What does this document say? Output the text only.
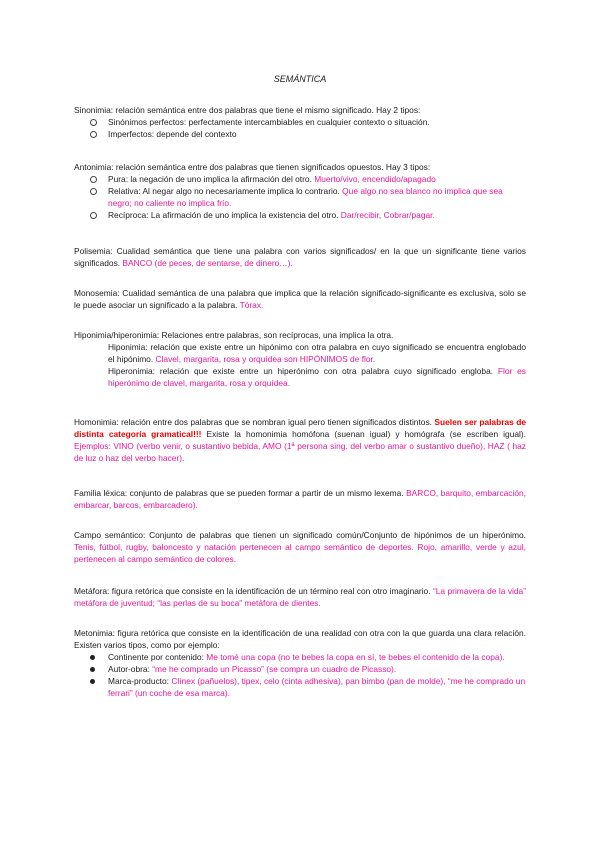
SEMÁNTICA

Sinonimia: relación semántica entre dos palabras que tiene el mismo significado. Hay 2 tipos:

Sinónimos perfectos: perfectamente intercambiables en cualquier contexto o situación.
Imperfectos: depende del contexto

Antonimia: relación semántica entre dos palabras que tienen significados opuestos. Hay 3 tipos:

Pura: la negación de uno implica la afirmación del otro. Muerto/vivo, encendido/apagado
Relativa: Al negar algo no necesariamente implica lo contrario. Que algo no sea blanco no implica que sea negro; no caliente no implica frío.
Recíproca: La afirmación de uno implica la existencia del otro. Dar/recibir, Cobrar/pagar.

Polisemia: Cualidad semántica que tiene una palabra con varios significados/ en la que un significante tiene varios significados. BANCO (de peces, de sentarse, de dinero…).

Monosemia: Cualidad semántica de una palabra que implica que la relación significado-significante es exclusiva, solo se le puede asociar un significado a la palabra. Tórax.

Hiponimia/hiperonimia: Relaciones entre palabras, son recíprocas, una implica la otra.

Hiponimia: relación que existe entre un hipónimo con otra palabra en cuyo significado se encuentra englobado el hipónimo. Clavel, margarita, rosa y orquídea son HIPÓNIMOS de flor.

Hiperonimia: relación que existe entre un hiperónimo con otra palabra cuyo significado engloba. Flor es hiperónimo de clavel, margarita, rosa y orquídea.

Homonimia: relación entre dos palabras que se nombran igual pero tienen significados distintos. Suelen ser palabras de distinta categoría gramatical!!! Existe la homonimia homófona (suenan igual) y homógrafa (se escriben igual). Ejemplos: VINO (verbo venir, o sustantivo bebida, AMO (1ª persona sing. del verbo amar o sustantivo dueño), HAZ ( haz de luz o haz del verbo hacer).

Familia léxica: conjunto de palabras que se pueden formar a partir de un mismo lexema. BARCO, barquito, embarcación, embarcar, barcos, embarcadero).

Campo semántico: Conjunto de palabras que tienen un significado común/Conjunto de hipónimos de un hiperónimo. Tenis, fútbol, rugby, baloncesto y natación pertenecen al campo semántico de deportes. Rojo, amarillo, verde y azul, pertenecen al campo semántico de colores.

Metáfora: figura retórica que consiste en la identificación de un término real con otro imaginario. “La primavera de la vida” metáfora de juventud; “las perlas de su boca” metáfora de dientes.

Metonimia: figura retórica que consiste en la identificación de una realidad con otra con la que guarda una clara relación. Existen varios tipos, como por ejemplo:

Continente por contenido: Me tomé una copa (no te bebes la copa en sí, te bebes el contenido de la copa).
Autor-obra: “me he comprado un Picasso” (se compra un cuadro de Picasso).
Marca-producto: Clínex (pañuelos), tipex, celo (cinta adhesiva), pan bimbo (pan de molde), “me he comprado un ferrari” (un coche de esa marca).
